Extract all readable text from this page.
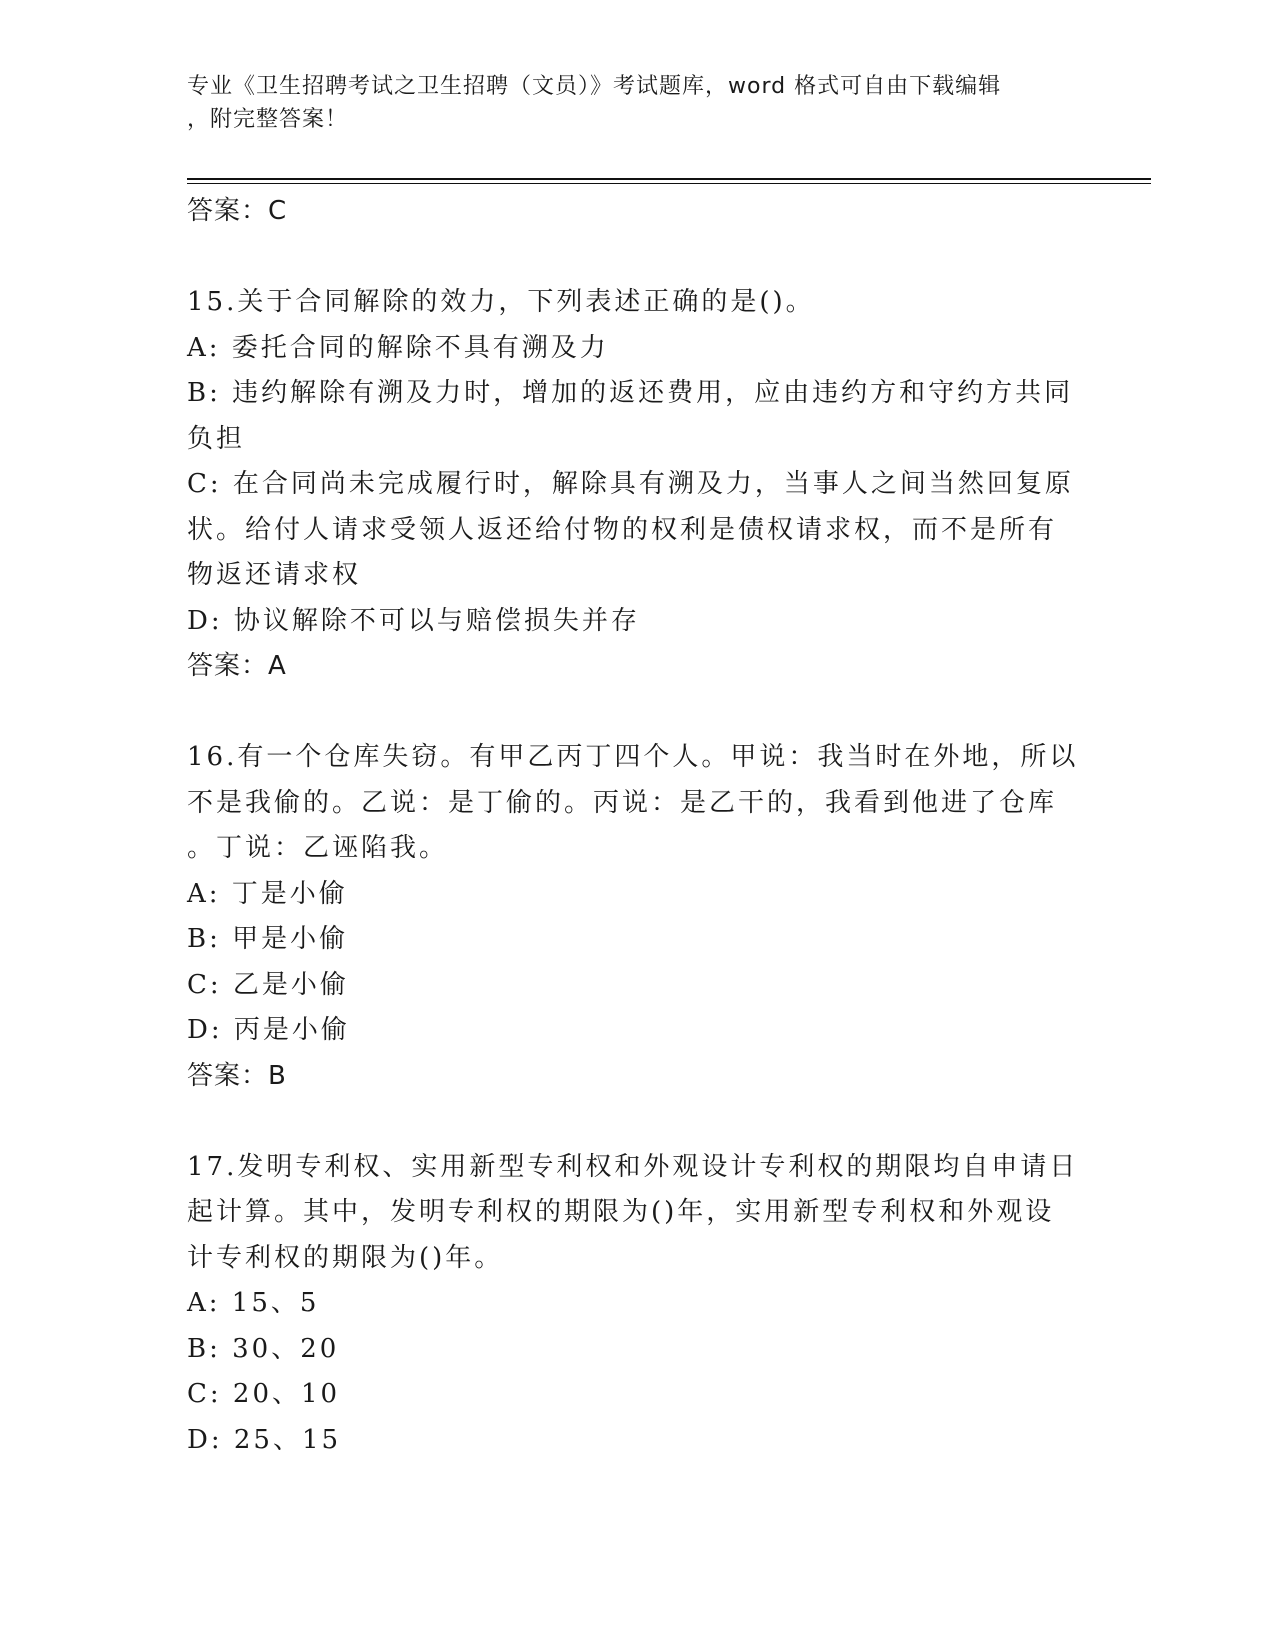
专业《卫生招聘考试之卫生招聘（文员）》考试题库，word 格式可自由下载编辑
，附完整答案！
答案：C
15.关于合同解除的效力，下列表述正确的是()。
A: 委托合同的解除不具有溯及力
B: 违约解除有溯及力时，增加的返还费用，应由违约方和守约方共同
负担
C: 在合同尚未完成履行时，解除具有溯及力，当事人之间当然回复原
状。给付人请求受领人返还给付物的权利是债权请求权，而不是所有
物返还请求权
D: 协议解除不可以与赔偿损失并存
答案：A
16.有一个仓库失窃。有甲乙丙丁四个人。甲说：我当时在外地，所以
不是我偷的。乙说：是丁偷的。丙说：是乙干的，我看到他进了仓库
。丁说：乙诬陷我。
A: 丁是小偷
B: 甲是小偷
C: 乙是小偷
D: 丙是小偷
答案：B
17.发明专利权、实用新型专利权和外观设计专利权的期限均自申请日
起计算。其中，发明专利权的期限为()年，实用新型专利权和外观设
计专利权的期限为()年。
A: 15、5
B: 30、20
C: 20、10
D: 25、15
